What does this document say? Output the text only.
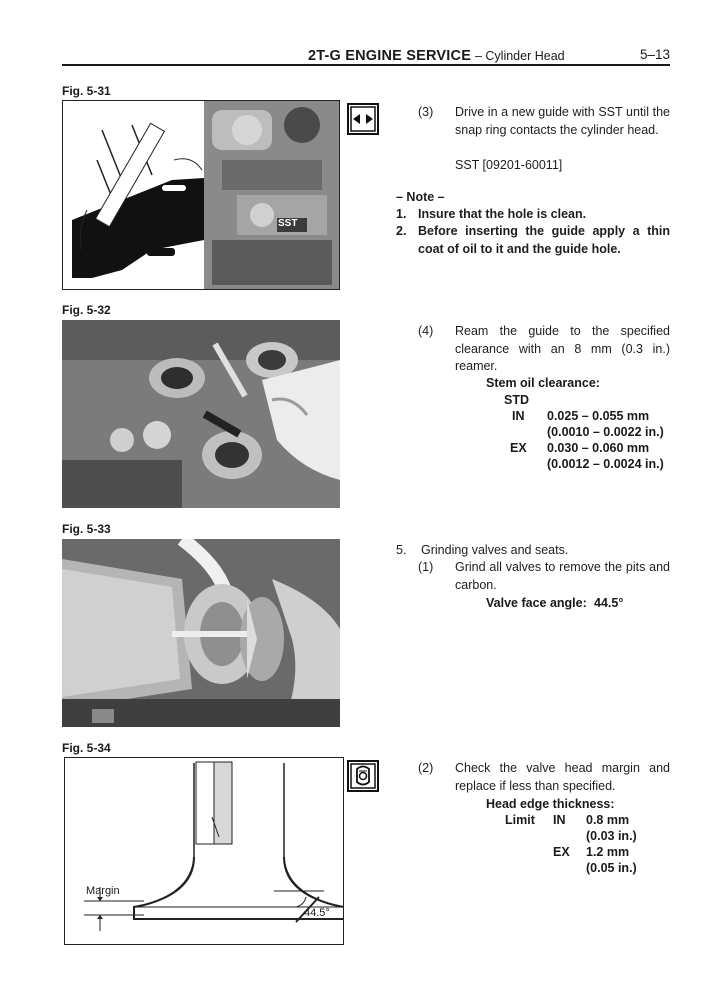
2T-G ENGINE SERVICE – Cylinder Head	5–13
Fig. 5-31
SST
(3) Drive in a new guide with SST until the snap ring contacts the cylinder head.
SST [09201-60011]
– Note –
1. Insure that the hole is clean.
2. Before inserting the guide apply a thin coat of oil to it and the guide hole.
Fig. 5-32
(4) Ream the guide to the specified clearance with an 8 mm (0.3 in.) reamer.
Stem oil clearance:
STD
IN 0.025 – 0.055 mm
(0.0010 – 0.0022 in.)
EX 0.030 – 0.060 mm
(0.0012 – 0.0024 in.)
Fig. 5-33
5. Grinding valves and seats.
(1) Grind all valves to remove the pits and carbon.
Valve face angle: 44.5°
Fig. 5-34
Margin
44.5°
(2) Check the valve head margin and replace if less than specified.
Head edge thickness:
Limit IN 0.8 mm
(0.03 in.)
EX 1.2 mm
(0.05 in.)
